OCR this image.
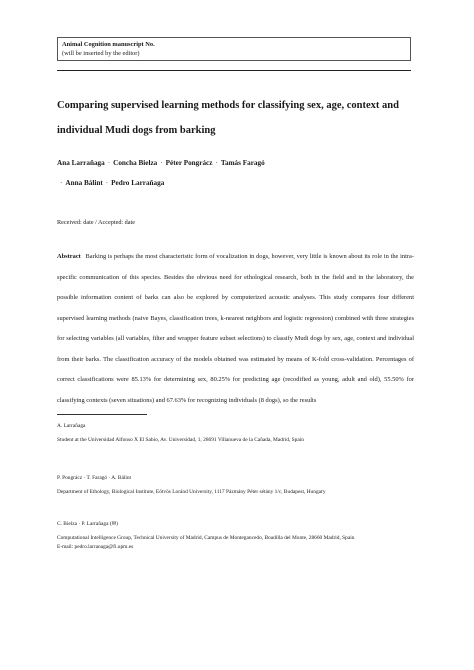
Animal Cognition manuscript No.
(will be inserted by the editor)
Comparing supervised learning methods for classifying sex, age, context and individual Mudi dogs from barking
Ana Larrañaga · Concha Bielza · Péter Pongrácz · Tamás Faragó
· Anna Bálint · Pedro Larrañaga
Received: date / Accepted: date
Abstract Barking is perhaps the most characteristic form of vocalization in dogs, however, very little is known about its role in the intra-specific communication of this species. Besides the obvious need for ethological research, both in the field and in the laboratory, the possible information content of barks can also be explored by computerized acoustic analyses. This study compares four different supervised learning methods (naive Bayes, classification trees, k-nearest neighbors and logistic regression) combined with three strategies for selecting variables (all variables, filter and wrapper feature subset selections) to classify Mudi dogs by sex, age, context and individual from their barks. The classification accuracy of the models obtained was estimated by means of K-fold cross-validation. Percentages of correct classifications were 85.13% for determining sex, 80.25% for predicting age (recodified as young, adult and old), 55.50% for classifying contexts (seven situations) and 67.63% for recognizing individuals (8 dogs), so the results
A. Larrañaga
Student at the Universidad Alfonso X El Sabio, Av. Universidad, 1, 28691 Villanueva de la Cañada, Madrid, Spain
P. Pongrácz · T. Faragó · A. Bálint
Department of Ethology, Biological Institute, Eötvös Loránd University, 1117 Pázmány Péter sétány 1/c, Budapest, Hungary
C. Bielza · P. Larrañaga (✉)
Computational Intelligence Group, Technical University of Madrid, Campus de Montegancedo, Boadilla del Monte, 28660 Madrid, Spain
E-mail: pedro.larranaga@fi.upm.es
